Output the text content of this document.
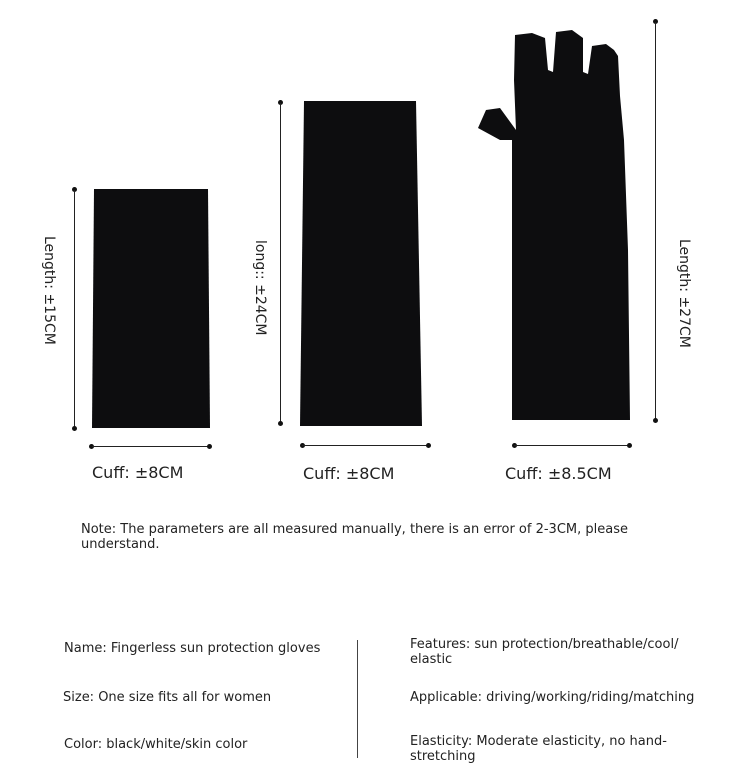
Length: ±15CM
Cuff: ±8CM
long:: ±24CM
Cuff: ±8CM
Length: ±27CM
Cuff: ±8.5CM
Note: The parameters are all measured manually, there is an error of 2-3CM, please understand.
Name: Fingerless sun protection gloves
Size: One size fits all for women
Color: black/white/skin color
Features: sun protection/breathable/cool/ elastic
Applicable: driving/working/riding/matching
Elasticity: Moderate elasticity, no hand-stretching
